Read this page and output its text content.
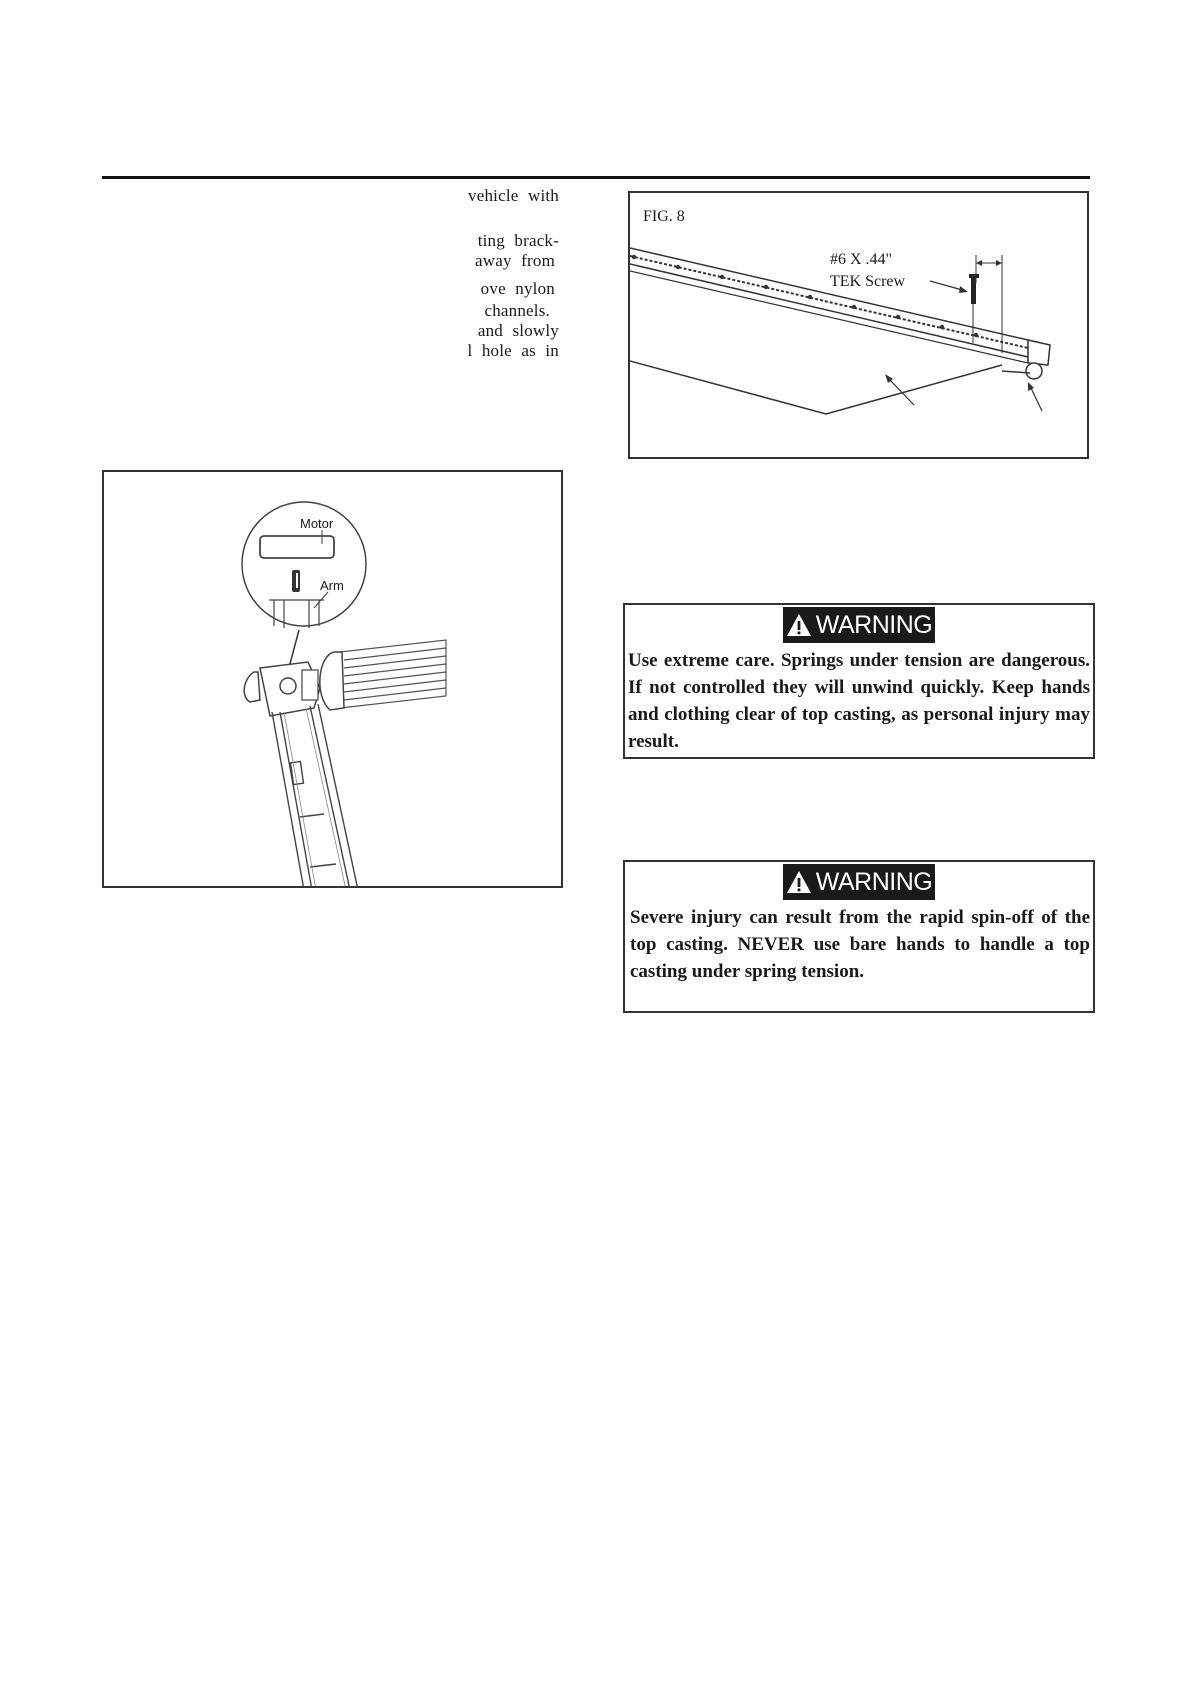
vehicle with
ting brack-
away from
ove nylon
channels.
and slowly
l hole as in
FIG. 8
#6 X .44"
TEK Screw
Motor
Arm
WARNING
Use extreme care. Springs under tension are dangerous. If not controlled they will unwind quickly. Keep hands and clothing clear of top casting, as personal injury may result.
WARNING
Severe injury can result from the rapid spin-off of the top casting. NEVER use bare hands to handle a top casting under spring tension.
